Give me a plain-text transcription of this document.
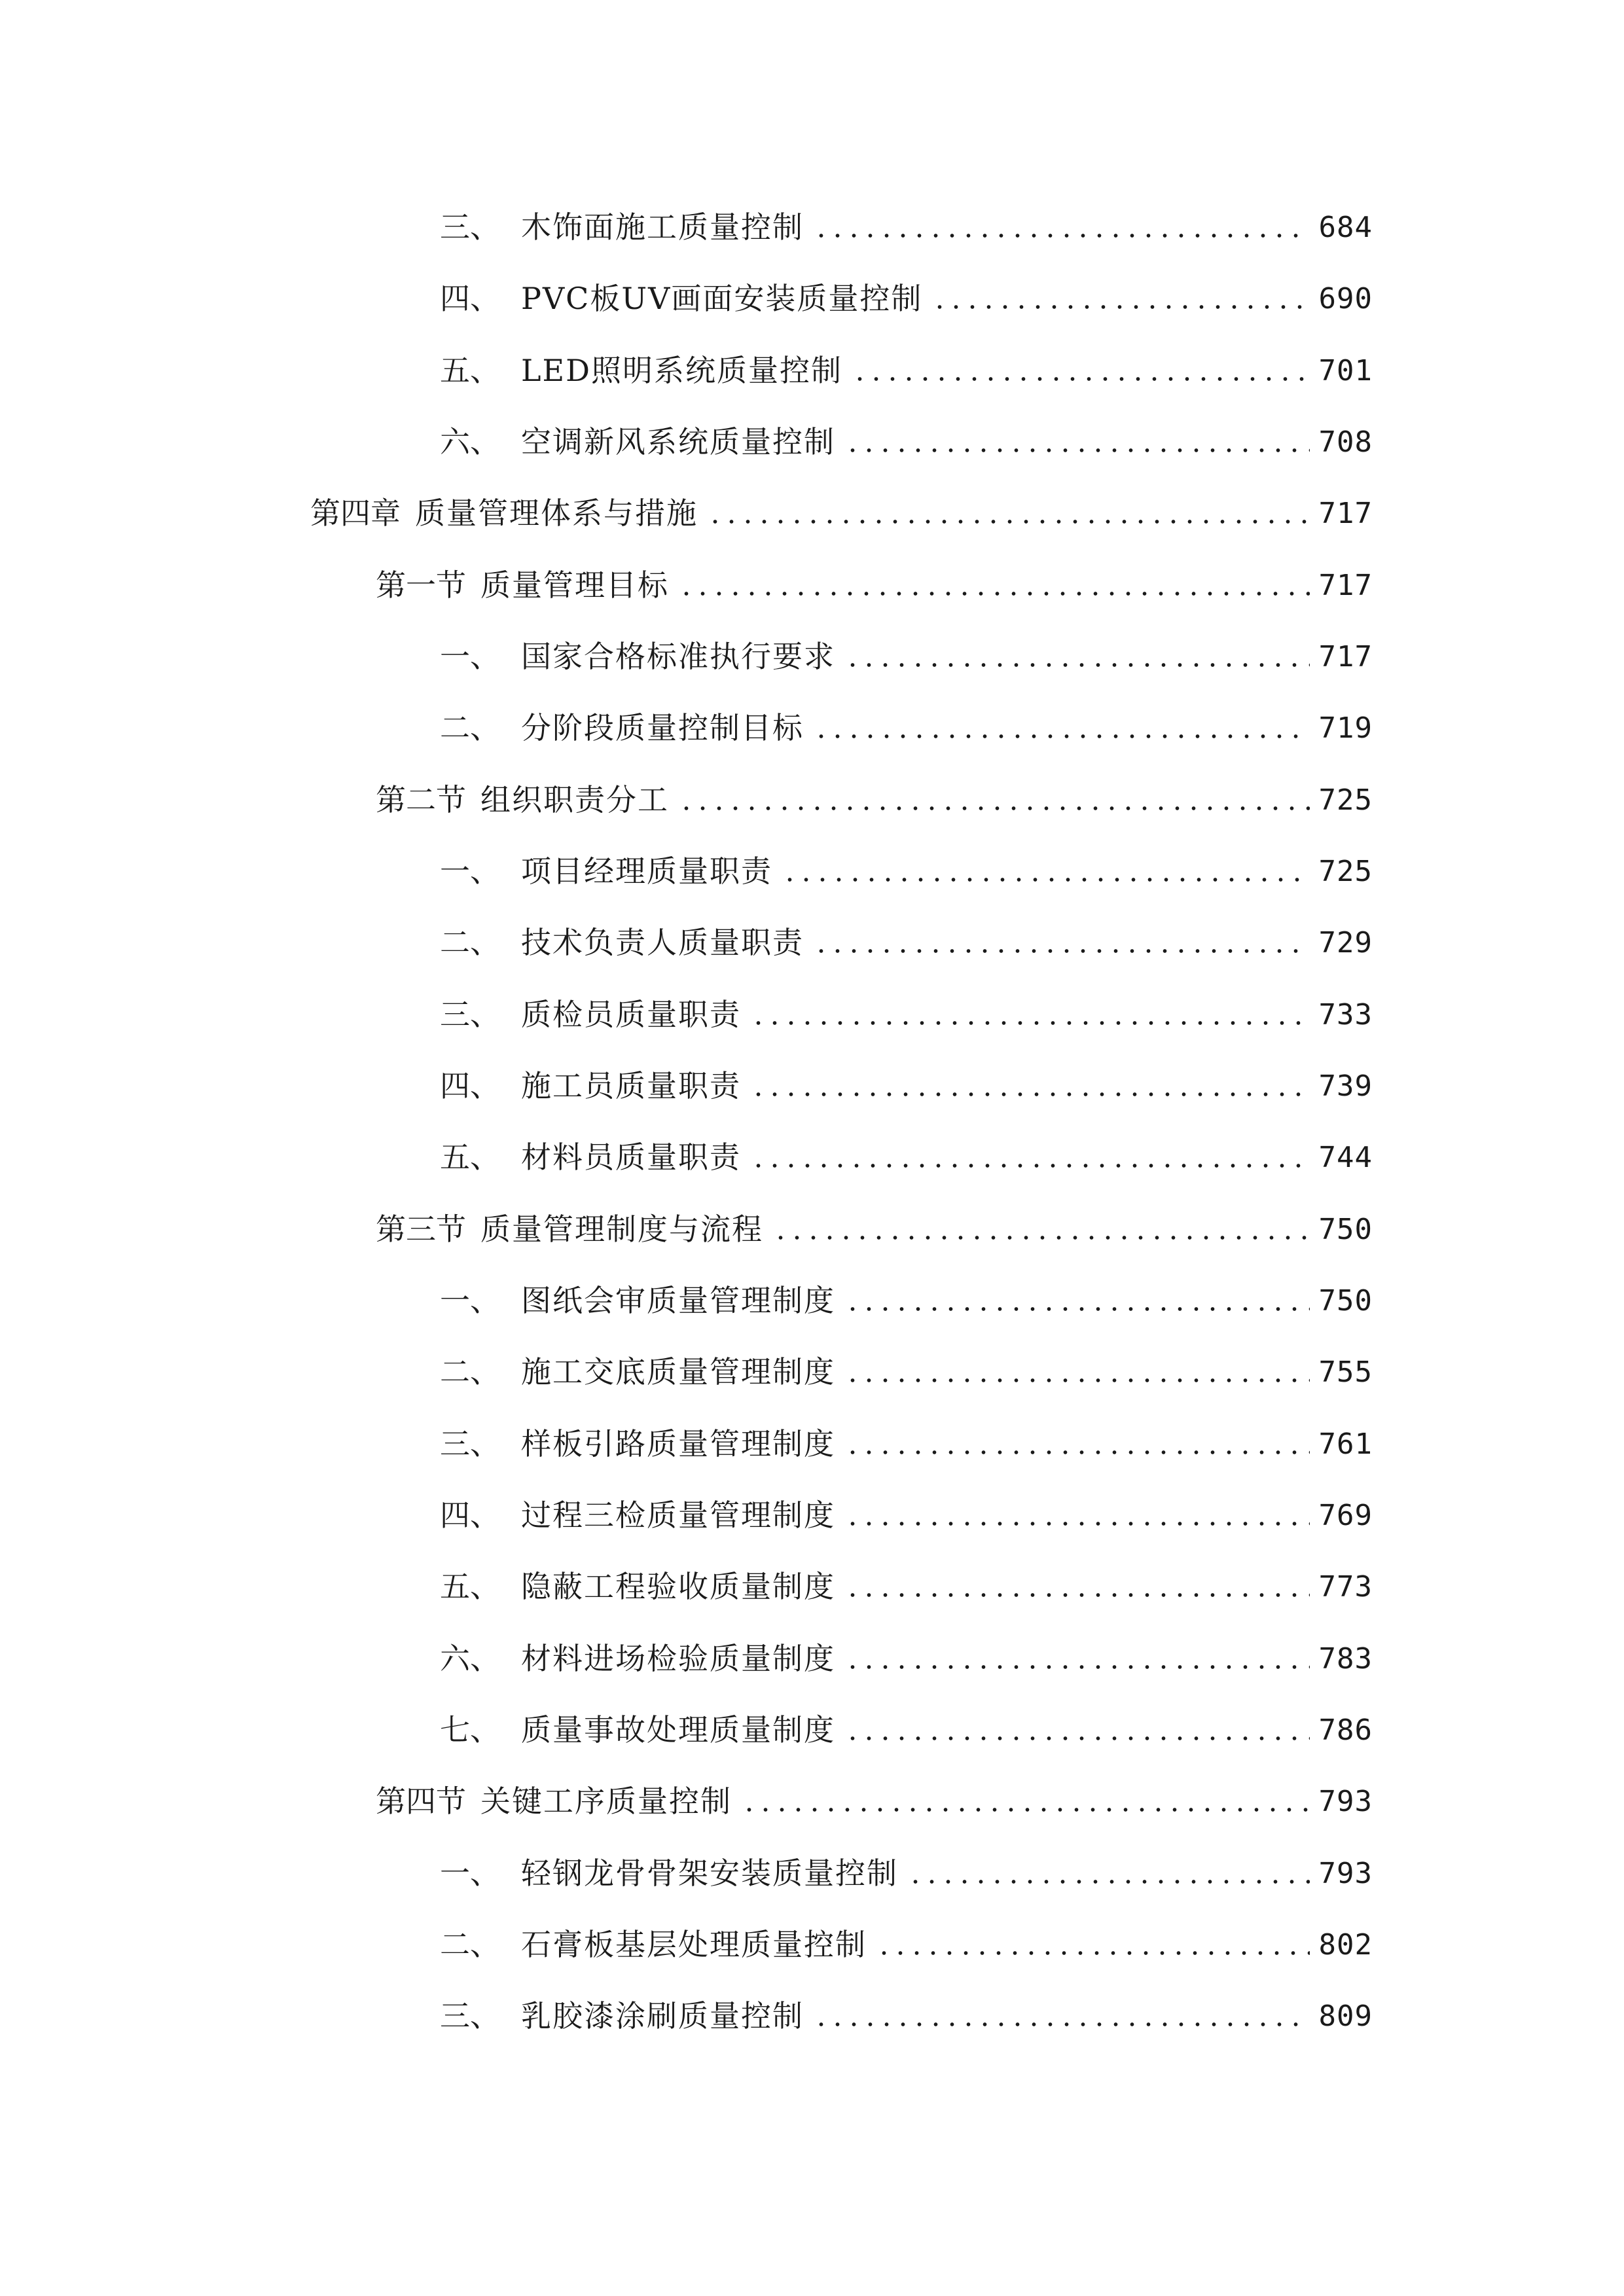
三、 木饰面施工质量控制	684
四、 PVC板UV画面安装质量控制	690
五、 LED照明系统质量控制	701
六、 空调新风系统质量控制	708
第四章 质量管理体系与措施	717
第一节 质量管理目标	717
一、 国家合格标准执行要求	717
二、 分阶段质量控制目标	719
第二节 组织职责分工	725
一、 项目经理质量职责	725
二、 技术负责人质量职责	729
三、 质检员质量职责	733
四、 施工员质量职责	739
五、 材料员质量职责	744
第三节 质量管理制度与流程	750
一、 图纸会审质量管理制度	750
二、 施工交底质量管理制度	755
三、 样板引路质量管理制度	761
四、 过程三检质量管理制度	769
五、 隐蔽工程验收质量制度	773
六、 材料进场检验质量制度	783
七、 质量事故处理质量制度	786
第四节 关键工序质量控制	793
一、 轻钢龙骨骨架安装质量控制	793
二、 石膏板基层处理质量控制	802
三、 乳胶漆涂刷质量控制	809
